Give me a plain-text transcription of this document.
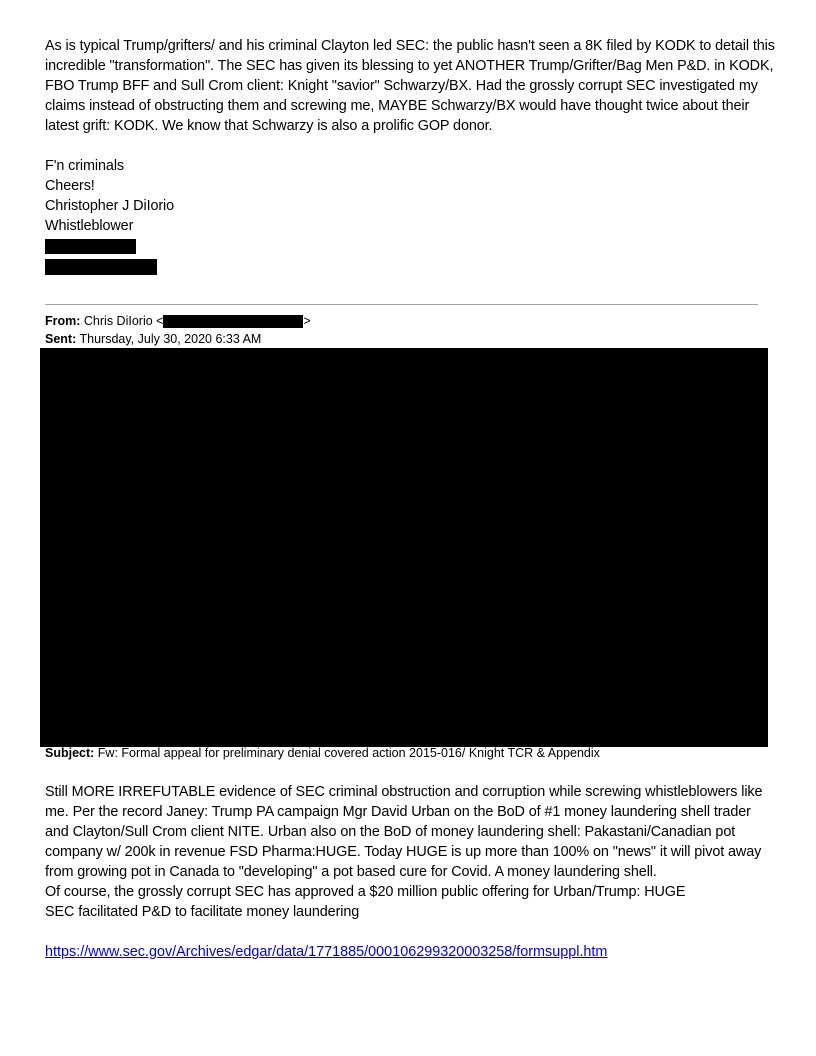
As is typical Trump/grifters/ and his criminal Clayton led SEC: the public hasn't seen a 8K filed by KODK to detail this incredible "transformation". The SEC has given its blessing to yet ANOTHER Trump/Grifter/Bag Men P&D. in KODK, FBO Trump BFF and Sull Crom client: Knight "savior" Schwarzy/BX. Had the grossly corrupt SEC investigated my claims instead of obstructing them and screwing me, MAYBE Schwarzy/BX would have thought twice about their latest grift: KODK. We know that Schwarzy is also a prolific GOP donor.

F'n criminals
Cheers!
Christopher J DiIorio
Whistleblower
From: Chris DiIorio <	>
Sent: Thursday, July 30, 2020 6:33 AM
Subject: Fw: Formal appeal for preliminary denial covered action 2015-016/ Knight TCR & Appendix
Still MORE IRREFUTABLE evidence of SEC criminal obstruction and corruption while screwing whistleblowers like me. Per the record Janey: Trump PA campaign Mgr David Urban on the BoD of #1 money laundering shell trader and Clayton/Sull Crom client NITE. Urban also on the BoD of money laundering shell: Pakastani/Canadian pot company w/ 200k in revenue FSD Pharma:HUGE. Today HUGE is up more than 100% on "news" it will pivot away from growing pot in Canada to "developing" a pot based cure for Covid. A money laundering shell.
Of course, the grossly corrupt SEC has approved a $20 million public offering for Urban/Trump: HUGE
SEC facilitated P&D to facilitate money laundering
https://www.sec.gov/Archives/edgar/data/1771885/000106299320003258/formsuppl.htm
